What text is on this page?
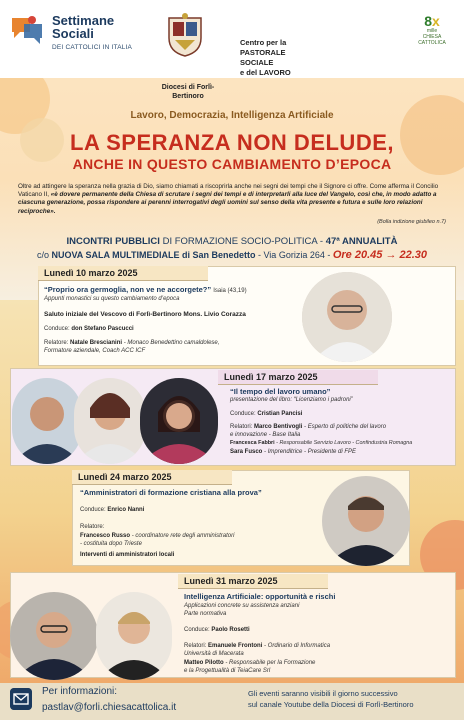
Settimane Sociali
DEI CATTOLICI IN ITALIA
Diocesi di Forlì-Bertinoro
Centro per la
PASTORALE
SOCIALE
e del LAVORO
8x
mille
CHIESA CATTOLICA
Lavoro, Democrazia, Intelligenza Artificiale
LA SPERANZA NON DELUDE,
ANCHE IN QUESTO CAMBIAMENTO D’EPOCA
Oltre ad attingere la speranza nella grazia di Dio, siamo chiamati a riscoprirla anche nei segni dei tempi che il Signore ci offre. Come afferma il Concilio Vaticano II, «è dovere permanente della Chiesa di scrutare i segni dei tempi e di interpretarli alla luce del Vangelo, così che, in modo adatto a ciascuna generazione, possa rispondere ai perenni interrogativi degli uomini sul senso della vita presente e futura e sulle loro relazioni reciproche».
(Bolla indizione giubileo n.7)
INCONTRI PUBBLICI DI FORMAZIONE SOCIO-POLITICA - 47ª ANNUALITÀ
c/o NUOVA SALA MULTIMEDIALE di San Benedetto - Via Gorizia 264 - Ore 20.45 → 22.30
Lunedì 10 marzo 2025
“Proprio ora germoglia, non ve ne accorgete?” Isaia (43,19)
Appunti monastici su questo cambiamento d’epoca
Saluto iniziale del Vescovo di Forlì-Bertinoro Mons. Livio Corazza
Conduce: don Stefano Pascucci
Relatore: Natale Brescianini - Monaco Benedettino camaldolese,
Formatore aziendale, Coach ACC ICF
Lunedì 17 marzo 2025
“Il tempo del lavoro umano”
presentazione del libro: “Licenziamo i padroni”
Conduce: Cristian Pancisi
Relatori: Marco Bentivogli - Esperto di politiche del lavoro
e innovazione - Base Italia
Francesca Fabbri - Responsabile Servizio Lavoro - Confindustria Romagna
Sara Fusco - Imprenditrice - Presidente di FPE
Lunedì 24 marzo 2025
“Amministratori di formazione cristiana alla prova”
Conduce: Enrico Nanni
Relatore:
Francesco Russo - coordinatore rete degli amministratori
- costituita dopo Trieste
Interventi di amministratori locali
Lunedì 31 marzo 2025
Intelligenza Artificiale: opportunità e rischi
Applicazioni concrete su assistenza anziani
Parte normativa
Conduce: Paolo Rosetti
Relatori: Emanuele Frontoni - Ordinario di Informatica
Università di Macerata
Matteo Pilotto - Responsabile per la Formazione
e la Progettualità di TeiaCare Srl
Per informazioni:
pastlav@forli.chiesacattolica.it
Gli eventi saranno visibili il giorno successivo
sul canale Youtube della Diocesi di Forlì-Bertinoro
